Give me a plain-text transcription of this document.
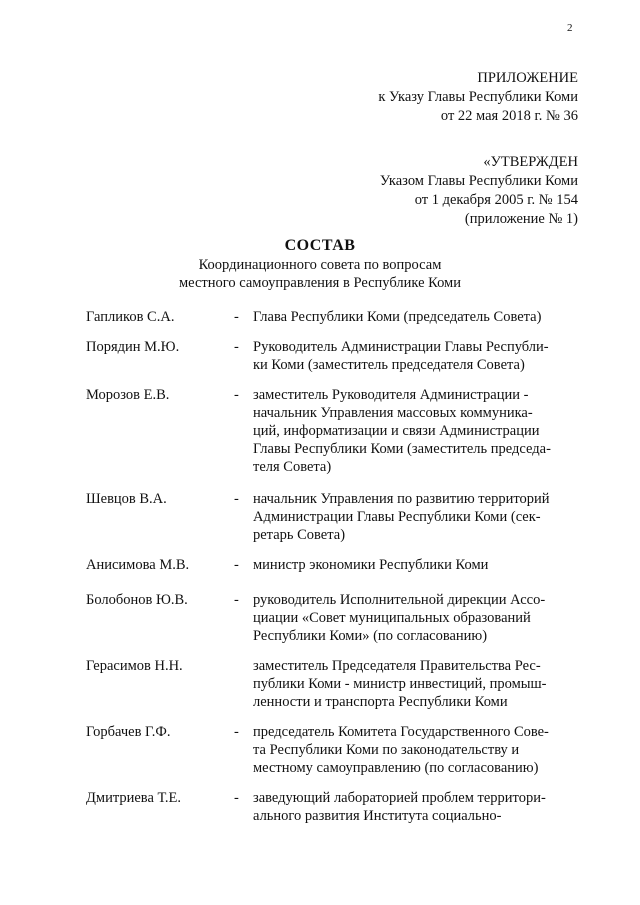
2
ПРИЛОЖЕНИЕ
к Указу Главы Республики Коми
от 22 мая 2018 г. № 36
«УТВЕРЖДЕН
Указом Главы Республики Коми
от 1 декабря 2005 г. № 154
(приложение № 1)
СОСТАВ
Координационного совета по вопросам
местного самоуправления в Республике Коми
Гапликов С.А.	- Глава Республики Коми (председатель Совета)
Порядин М.Ю.	- Руководитель Администрации Главы Республи-
ки Коми (заместитель председателя Совета)
Морозов Е.В.	- заместитель Руководителя Администрации -
начальник Управления массовых коммуника-
ций, информатизации и связи Администрации
Главы Республики Коми (заместитель председа-
теля Совета)
Шевцов В.А.	- начальник Управления по развитию территорий
Администрации Главы Республики Коми (сек-
ретарь Совета)
Анисимова М.В.	- министр экономики Республики Коми
Болобонов Ю.В.	- руководитель Исполнительной дирекции Ассо-
циации «Совет муниципальных образований
Республики Коми» (по согласованию)
Герасимов Н.Н.	заместитель Председателя Правительства Рес-
публики Коми - министр инвестиций, промыш-
ленности и транспорта Республики Коми
Горбачев Г.Ф.	- председатель Комитета Государственного Сове-
та Республики Коми по законодательству и
местному самоуправлению (по согласованию)
Дмитриева Т.Е.	- заведующий лабораторией проблем территори-
ального развития Института социально-
